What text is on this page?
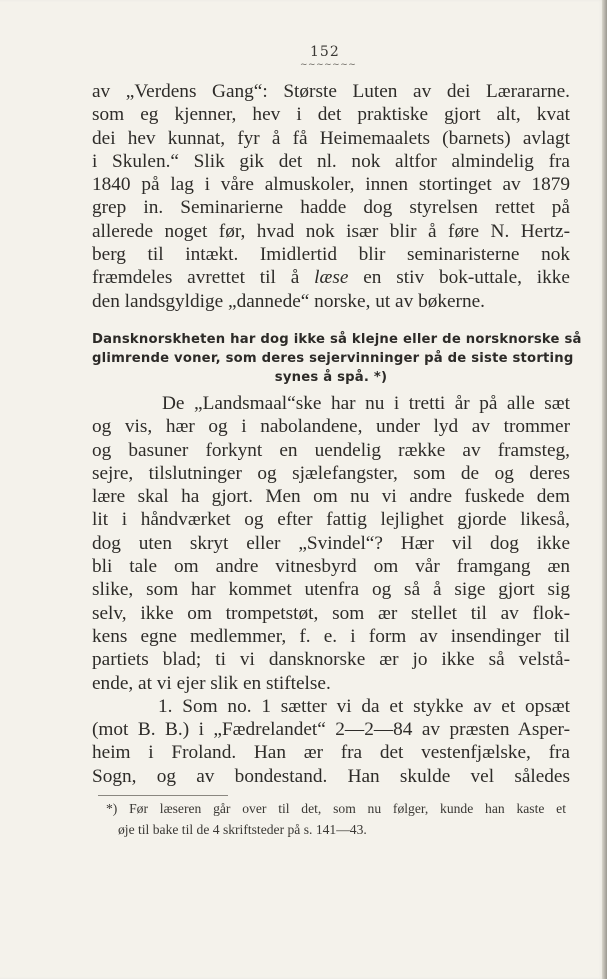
152
~~~~~~~
av „Verdens Gang“: Største Luten av dei Lærararne.
som eg kjenner, hev i det praktiske gjort alt, kvat
dei hev kunnat, fyr å få Heimemaalets (barnets) avlagt
i Skulen.“ Slik gik det nl. nok altfor almindelig fra
1840 på lag i våre almuskoler, innen stortinget av 1879
grep in. Seminarierne hadde dog styrelsen rettet på
allerede noget før, hvad nok især blir å føre N. Hertz-
berg til intækt. Imidlertid blir seminaristerne nok
fræmdeles avrettet til å læse en stiv bok-uttale, ikke
den landsgyldige „dannede“ norske, ut av bøkerne.
Dansknorskheten har dog ikke så klejne eller de norsknorske så
glimrende voner, som deres sejervinninger på de siste storting
synes å spå. *)
De „Landsmaal“ske har nu i tretti år på alle sæt
og vis, hær og i nabolandene, under lyd av trommer
og basuner forkynt en uendelig række av framsteg,
sejre, tilslutninger og sjælefangster, som de og deres
lære skal ha gjort. Men om nu vi andre fuskede dem
lit i håndværket og efter fattig lejlighet gjorde likeså,
dog uten skryt eller „Svindel“? Hær vil dog ikke
bli tale om andre vitnesbyrd om vår framgang æn
slike, som har kommet utenfra og så å sige gjort sig
selv, ikke om trompetstøt, som ær stellet til av flok-
kens egne medlemmer, f. e. i form av insendinger til
partiets blad; ti vi dansknorske ær jo ikke så velstå-
ende, at vi ejer slik en stiftelse.
1. Som no. 1 sætter vi da et stykke av et opsæt
(mot B. B.) i „Fædrelandet“ 2—2—84 av præsten Asper-
heim i Froland. Han ær fra det vestenfjælske, fra
Sogn, og av bondestand. Han skulde vel således
*) Før læseren går over til det, som nu følger, kunde han kaste et
øje til bake til de 4 skriftsteder på s. 141—43.
